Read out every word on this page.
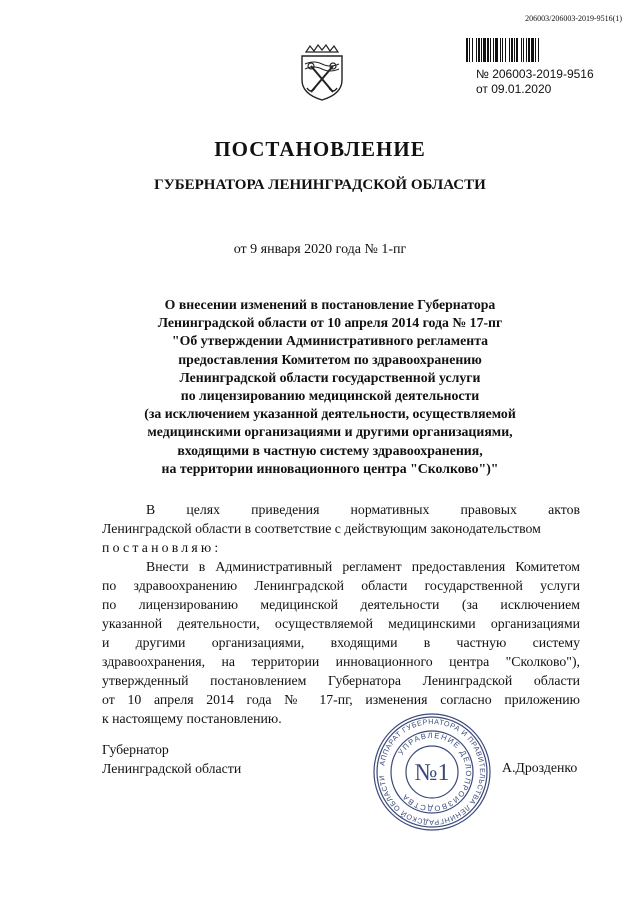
206003/206003-2019-9516(1)
№ 206003-2019-9516
от 09.01.2020
ПОСТАНОВЛЕНИЕ
ГУБЕРНАТОРА ЛЕНИНГРАДСКОЙ ОБЛАСТИ
от 9 января 2020 года № 1-пг
О внесении изменений в постановление Губернатора
Ленинградской области от 10 апреля 2014 года № 17-пг
"Об утверждении Административного регламента
предоставления Комитетом по здравоохранению
Ленинградской области государственной услуги
по лицензированию медицинской деятельности
(за исключением указанной деятельности, осуществляемой
медицинскими организациями и другими организациями,
входящими в частную систему здравоохранения,
на территории инновационного центра "Сколково")"
В целях приведения нормативных правовых актов
Ленинградской области в соответствие с действующим законодательством
постановляю:
Внести в Административный регламент предоставления Комитетом
по здравоохранению Ленинградской области государственной услуги
по лицензированию медицинской деятельности (за исключением
указанной деятельности, осуществляемой медицинскими организациями
и другими организациями, входящими в частную систему
здравоохранения, на территории инновационного центра "Сколково"),
утвержденный постановлением Губернатора Ленинградской области
от 10 апреля 2014 года № 17-пг, изменения согласно приложению
к настоящему постановлению.
Губернатор
Ленинградской области	АППАРАТ ГУБЕРНАТОРА И ПРАВИТЕЛЬСТВА ЛЕНИНГРАДСКОЙ ОБЛАСТИ
УПРАВЛЕНИЕ ДЕЛОПРОИЗВОДСТВА
№1	А.Дрозденко
